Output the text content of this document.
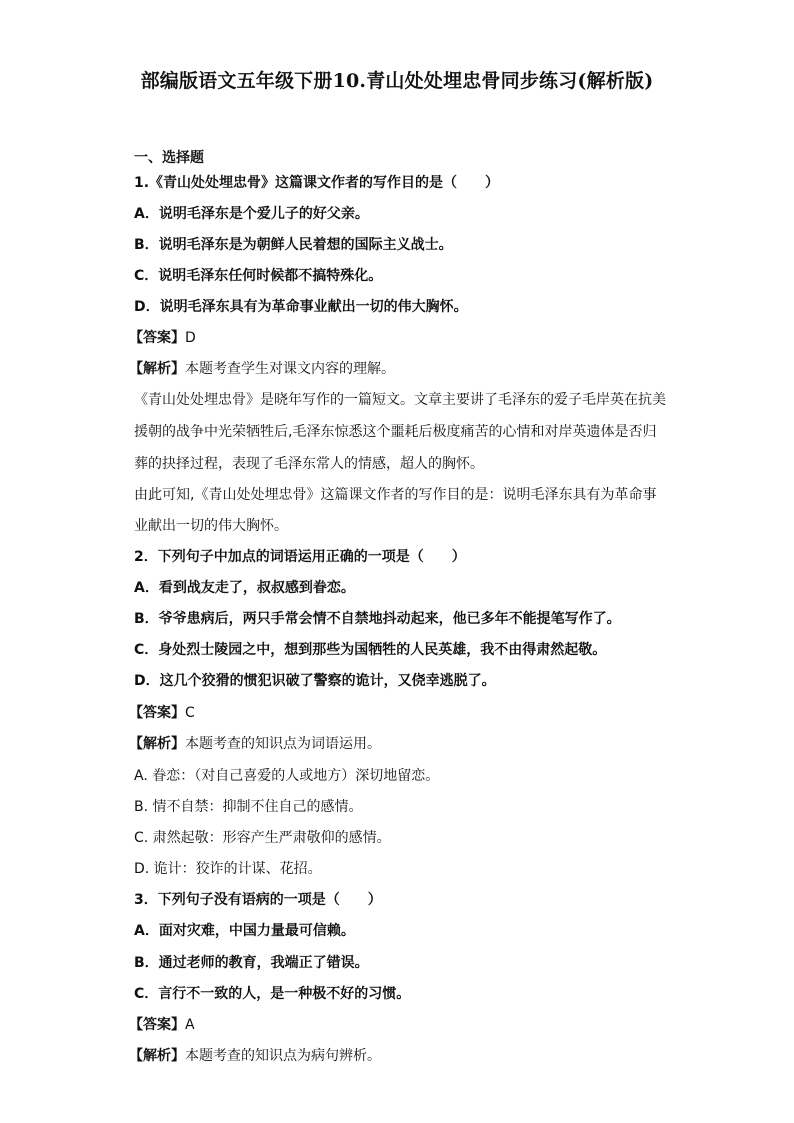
部编版语文五年级下册10.青山处处埋忠骨同步练习(解析版)
一、选择题
1.《青山处处埋忠骨》这篇课文作者的写作目的是（　　）
A．说明毛泽东是个爱儿子的好父亲。
B．说明毛泽东是为朝鲜人民着想的国际主义战士。
C．说明毛泽东任何时候都不搞特殊化。
D．说明毛泽东具有为革命事业献出一切的伟大胸怀。
【答案】D
【解析】本题考查学生对课文内容的理解。
《青山处处埋忠骨》是晓年写作的一篇短文。文章主要讲了毛泽东的爱子毛岸英在抗美
援朝的战争中光荣牺牲后,毛泽东惊悉这个噩耗后极度痛苦的心情和对岸英遗体是否归
葬的抉择过程，表现了毛泽东常人的情感，超人的胸怀。
由此可知,《青山处处埋忠骨》这篇课文作者的写作目的是：说明毛泽东具有为革命事
业献出一切的伟大胸怀。
2．下列句子中加点的词语运用正确的一项是（　　）
A．看到战友走了，叔叔感到眷恋。
B．爷爷患病后，两只手常会情不自禁地抖动起来，他已多年不能提笔写作了。
C．身处烈士陵园之中，想到那些为国牺牲的人民英雄，我不由得肃然起敬。
D．这几个狡猾的惯犯识破了警察的诡计，又侥幸逃脱了。
【答案】C
【解析】本题考查的知识点为词语运用。
A. 眷恋：（对自己喜爱的人或地方）深切地留恋。
B. 情不自禁：抑制不住自己的感情。
C. 肃然起敬：形容产生严肃敬仰的感情。
D. 诡计：狡诈的计谋、花招。
3．下列句子没有语病的一项是（　　）
A．面对灾难，中国力量最可信赖。
B．通过老师的教育，我端正了错误。
C．言行不一致的人，是一种极不好的习惯。
【答案】A
【解析】本题考查的知识点为病句辨析。
